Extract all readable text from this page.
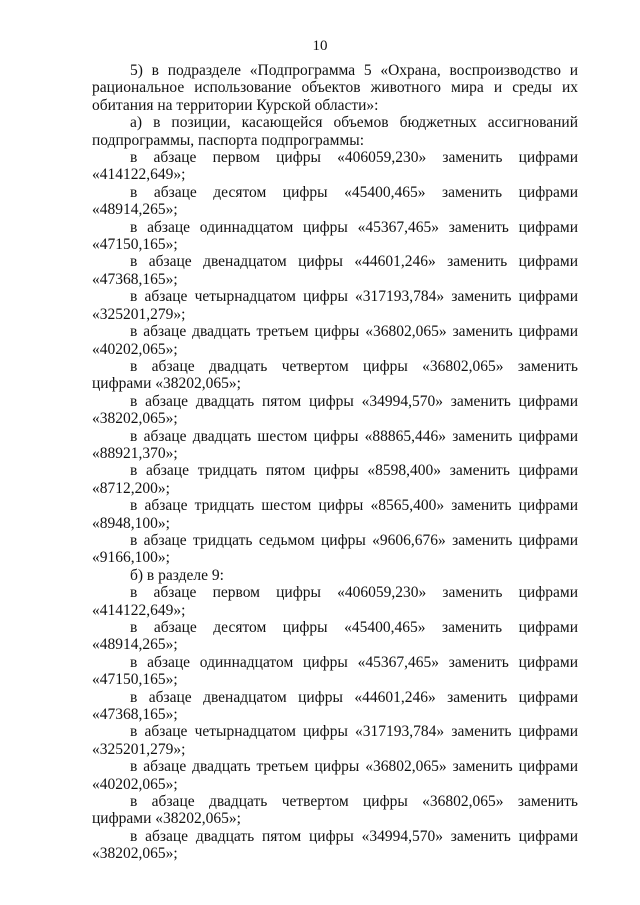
10

5) в подразделе «Подпрограмма 5 «Охрана, воспроизводство и рациональное использование объектов животного мира и среды их обитания на территории Курской области»:

а) в позиции, касающейся объемов бюджетных ассигнований подпрограммы, паспорта подпрограммы:

в абзаце первом цифры «406059,230» заменить цифрами «414122,649»;

в абзаце десятом цифры «45400,465» заменить цифрами «48914,265»;

в абзаце одиннадцатом цифры «45367,465» заменить цифрами «47150,165»;

в абзаце двенадцатом цифры «44601,246» заменить цифрами «47368,165»;

в абзаце четырнадцатом цифры «317193,784» заменить цифрами «325201,279»;

в абзаце двадцать третьем цифры «36802,065» заменить цифрами «40202,065»;

в абзаце двадцать четвертом цифры «36802,065» заменить цифрами «38202,065»;

в абзаце двадцать пятом цифры «34994,570» заменить цифрами «38202,065»;

в абзаце двадцать шестом цифры «88865,446» заменить цифрами «88921,370»;

в абзаце тридцать пятом цифры «8598,400» заменить цифрами «8712,200»;

в абзаце тридцать шестом цифры «8565,400» заменить цифрами «8948,100»;

в абзаце тридцать седьмом цифры «9606,676» заменить цифрами «9166,100»;

б) в разделе 9:

в абзаце первом цифры «406059,230» заменить цифрами «414122,649»;

в абзаце десятом цифры «45400,465» заменить цифрами «48914,265»;

в абзаце одиннадцатом цифры «45367,465» заменить цифрами «47150,165»;

в абзаце двенадцатом цифры «44601,246» заменить цифрами «47368,165»;

в абзаце четырнадцатом цифры «317193,784» заменить цифрами «325201,279»;

в абзаце двадцать третьем цифры «36802,065» заменить цифрами «40202,065»;

в абзаце двадцать четвертом цифры «36802,065» заменить цифрами «38202,065»;

в абзаце двадцать пятом цифры «34994,570» заменить цифрами «38202,065»;
